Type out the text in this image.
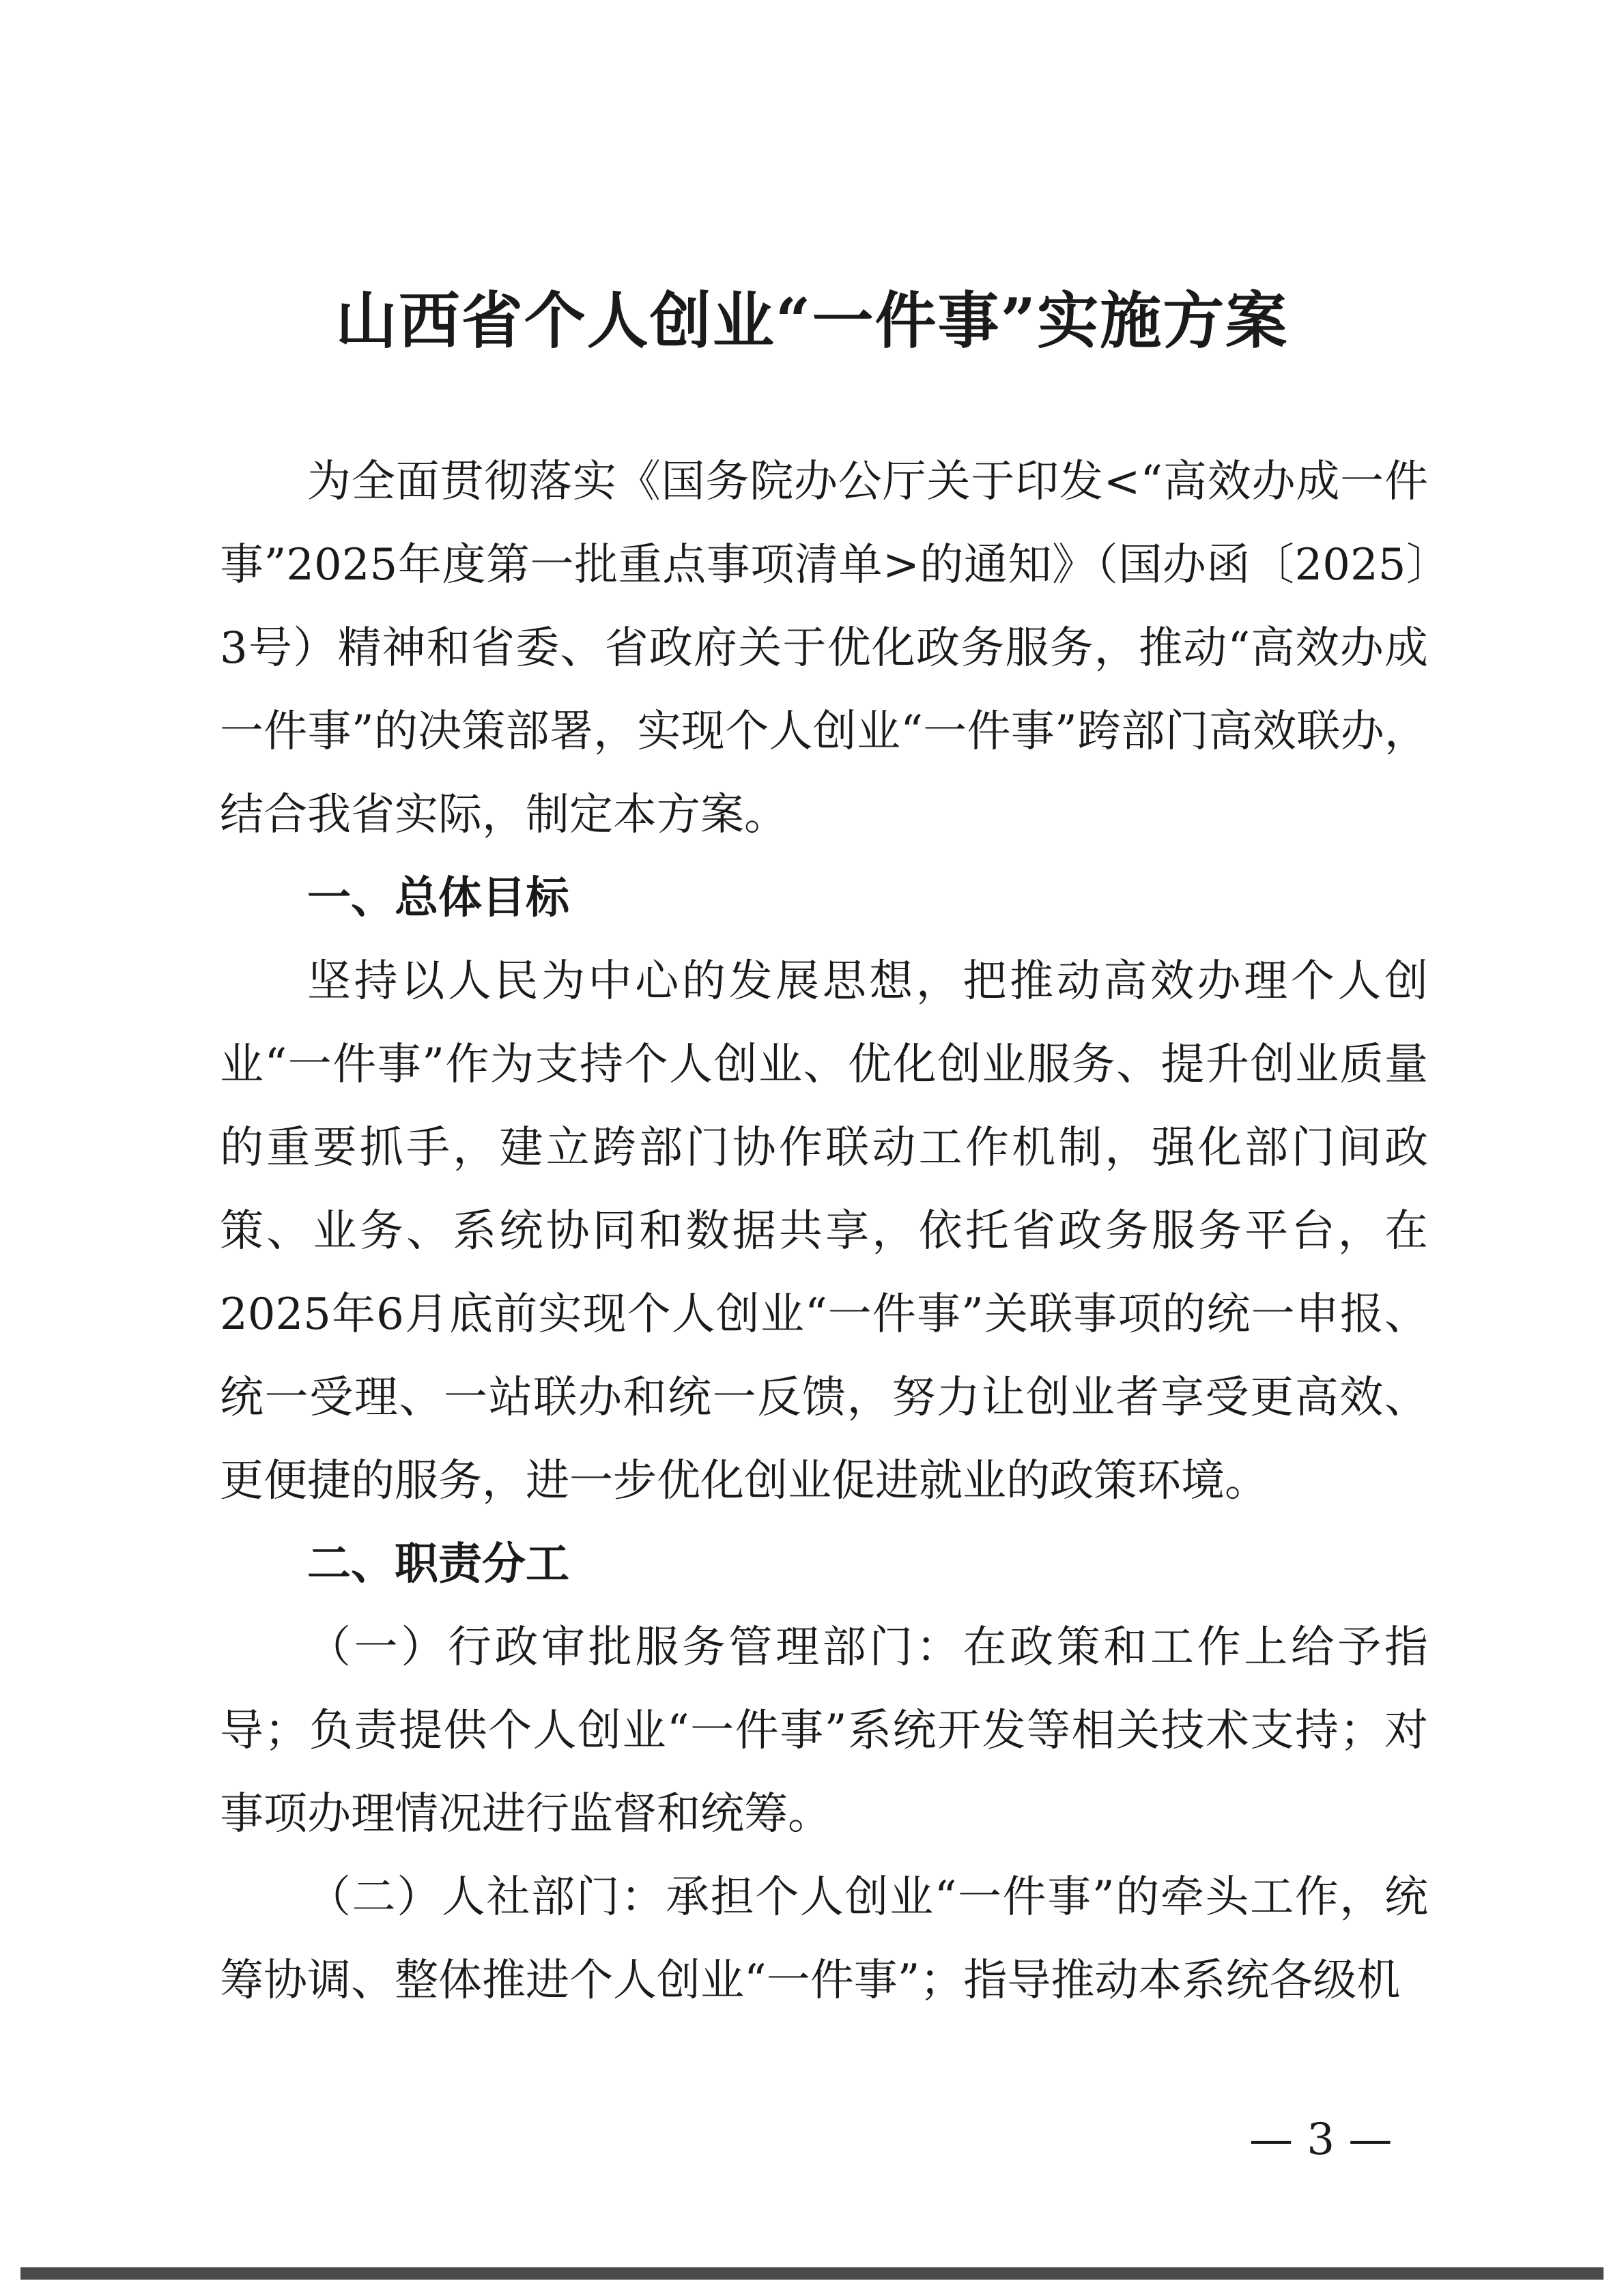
山西省个人创业“一件事”实施方案

为全面贯彻落实《国务院办公厅关于印发<“高效办成一件事”2025年度第一批重点事项清单>的通知》（国办函〔2025〕3号）精神和省委、省政府关于优化政务服务，推动“高效办成一件事”的决策部署，实现个人创业“一件事”跨部门高效联办，结合我省实际，制定本方案。

一、总体目标

坚持以人民为中心的发展思想，把推动高效办理个人创业“一件事”作为支持个人创业、优化创业服务、提升创业质量的重要抓手，建立跨部门协作联动工作机制，强化部门间政策、业务、系统协同和数据共享，依托省政务服务平台，在2025年6月底前实现个人创业“一件事”关联事项的统一申报、统一受理、一站联办和统一反馈，努力让创业者享受更高效、更便捷的服务，进一步优化创业促进就业的政策环境。

二、职责分工

（一）行政审批服务管理部门：在政策和工作上给予指导；负责提供个人创业“一件事”系统开发等相关技术支持；对事项办理情况进行监督和统筹。

（二）人社部门：承担个人创业“一件事”的牵头工作，统筹协调、整体推进个人创业“一件事”；指导推动本系统各级机

— 3 —
